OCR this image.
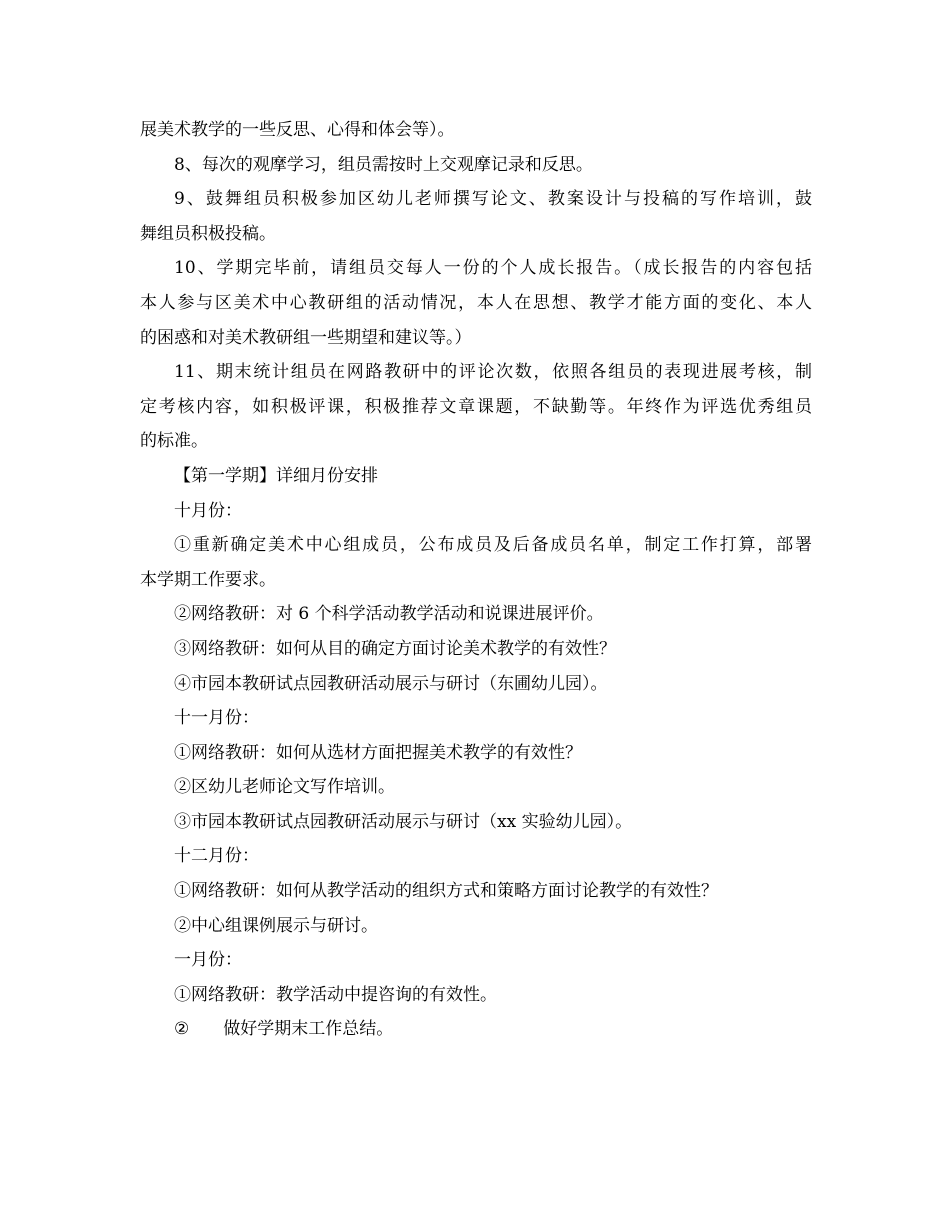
展美术教学的一些反思、心得和体会等）。
8、每次的观摩学习，组员需按时上交观摩记录和反思。
9、鼓舞组员积极参加区幼儿老师撰写论文、教案设计与投稿的写作培训，鼓
舞组员积极投稿。
10、学期完毕前，请组员交每人一份的个人成长报告。（成长报告的内容包括
本人参与区美术中心教研组的活动情况，本人在思想、教学才能方面的变化、本人
的困惑和对美术教研组一些期望和建议等。）
11、期末统计组员在网路教研中的评论次数，依照各组员的表现进展考核，制
定考核内容，如积极评课，积极推荐文章课题，不缺勤等。年终作为评选优秀组员
的标准。
【第一学期】详细月份安排
十月份：
①重新确定美术中心组成员，公布成员及后备成员名单，制定工作打算，部署
本学期工作要求。
②网络教研：对 6 个科学活动教学活动和说课进展评价。
③网络教研：如何从目的确定方面讨论美术教学的有效性？
④市园本教研试点园教研活动展示与研讨（东圃幼儿园）。
十一月份：
①网络教研：如何从选材方面把握美术教学的有效性？
②区幼儿老师论文写作培训。
③市园本教研试点园教研活动展示与研讨（xx 实验幼儿园）。
十二月份：
①网络教研：如何从教学活动的组织方式和策略方面讨论教学的有效性？
②中心组课例展示与研讨。
一月份：
①网络教研：教学活动中提咨询的有效性。
② 做好学期末工作总结。
